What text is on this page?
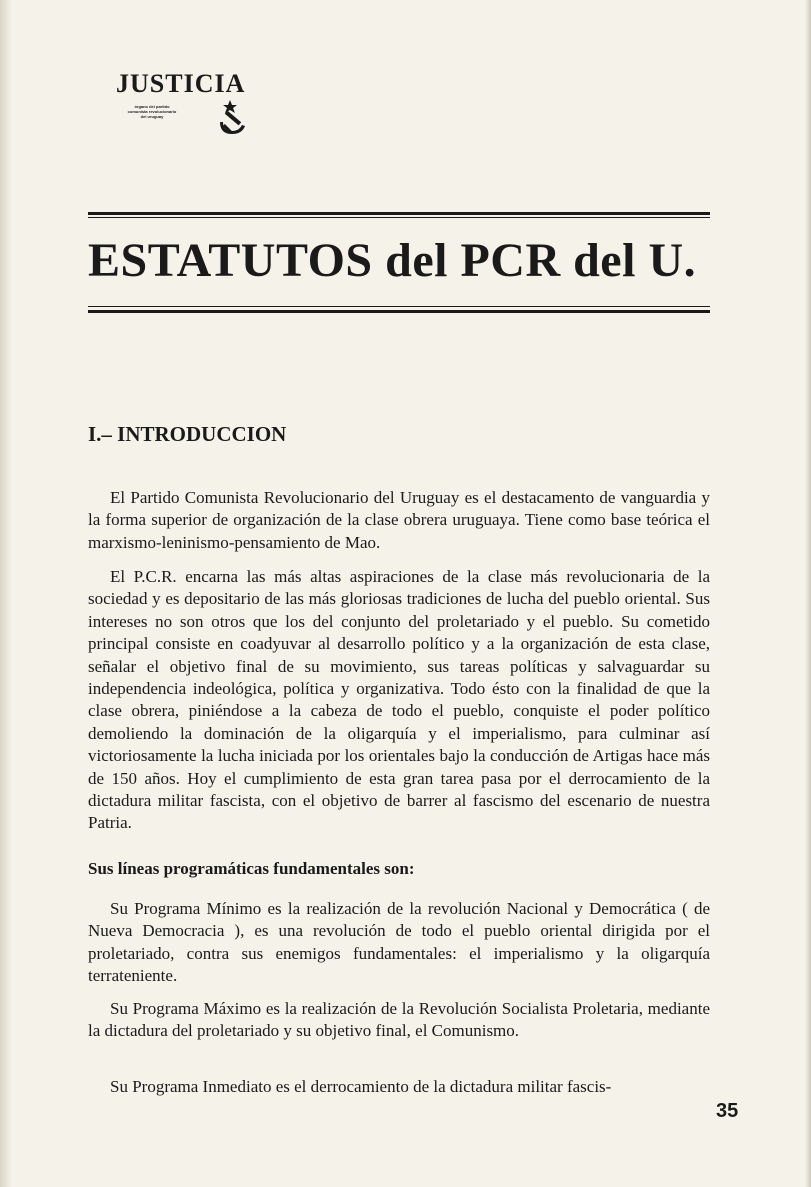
JUSTICIA
órgano del partido
comunista revolucionario
del uruguay
ESTATUTOS del PCR del U.
I.– INTRODUCCION

El Partido Comunista Revolucionario del Uruguay es el destacamento de vanguardia y la forma superior de organización de la clase obrera uruguaya. Tiene como base teórica el marxismo-leninismo-pensamiento de Mao.

El P.C.R. encarna las más altas aspiraciones de la clase más revolucionaria de la sociedad y es depositario de las más gloriosas tradiciones de lucha del pueblo oriental. Sus intereses no son otros que los del conjunto del proletariado y el pueblo. Su cometido principal consiste en coadyuvar al desarrollo político y a la organización de esta clase, señalar el objetivo final de su movimiento, sus tareas políticas y salvaguardar su independencia indeológica, política y organizativa. Todo ésto con la finalidad de que la clase obrera, piniéndose a la cabeza de todo el pueblo, conquiste el poder político demoliendo la dominación de la oligarquía y el imperialismo, para culminar así victoriosamente la lucha iniciada por los orientales bajo la conducción de Artigas hace más de 150 años. Hoy el cumplimiento de esta gran tarea pasa por el derrocamiento de la dictadura militar fascista, con el objetivo de barrer al fascismo del escenario de nuestra Patria.

Sus líneas programáticas fundamentales son:

Su Programa Mínimo es la realización de la revolución Nacional y Democrática ( de Nueva Democracia ), es una revolución de todo el pueblo oriental dirigida por el proletariado, contra sus enemigos fundamentales: el imperialismo y la oligarquía terrateniente.

Su Programa Máximo es la realización de la Revolución Socialista Proletaria, mediante la dictadura del proletariado y su objetivo final, el Comunismo.

Su Programa Inmediato es el derrocamiento de la dictadura militar fascis-

35
